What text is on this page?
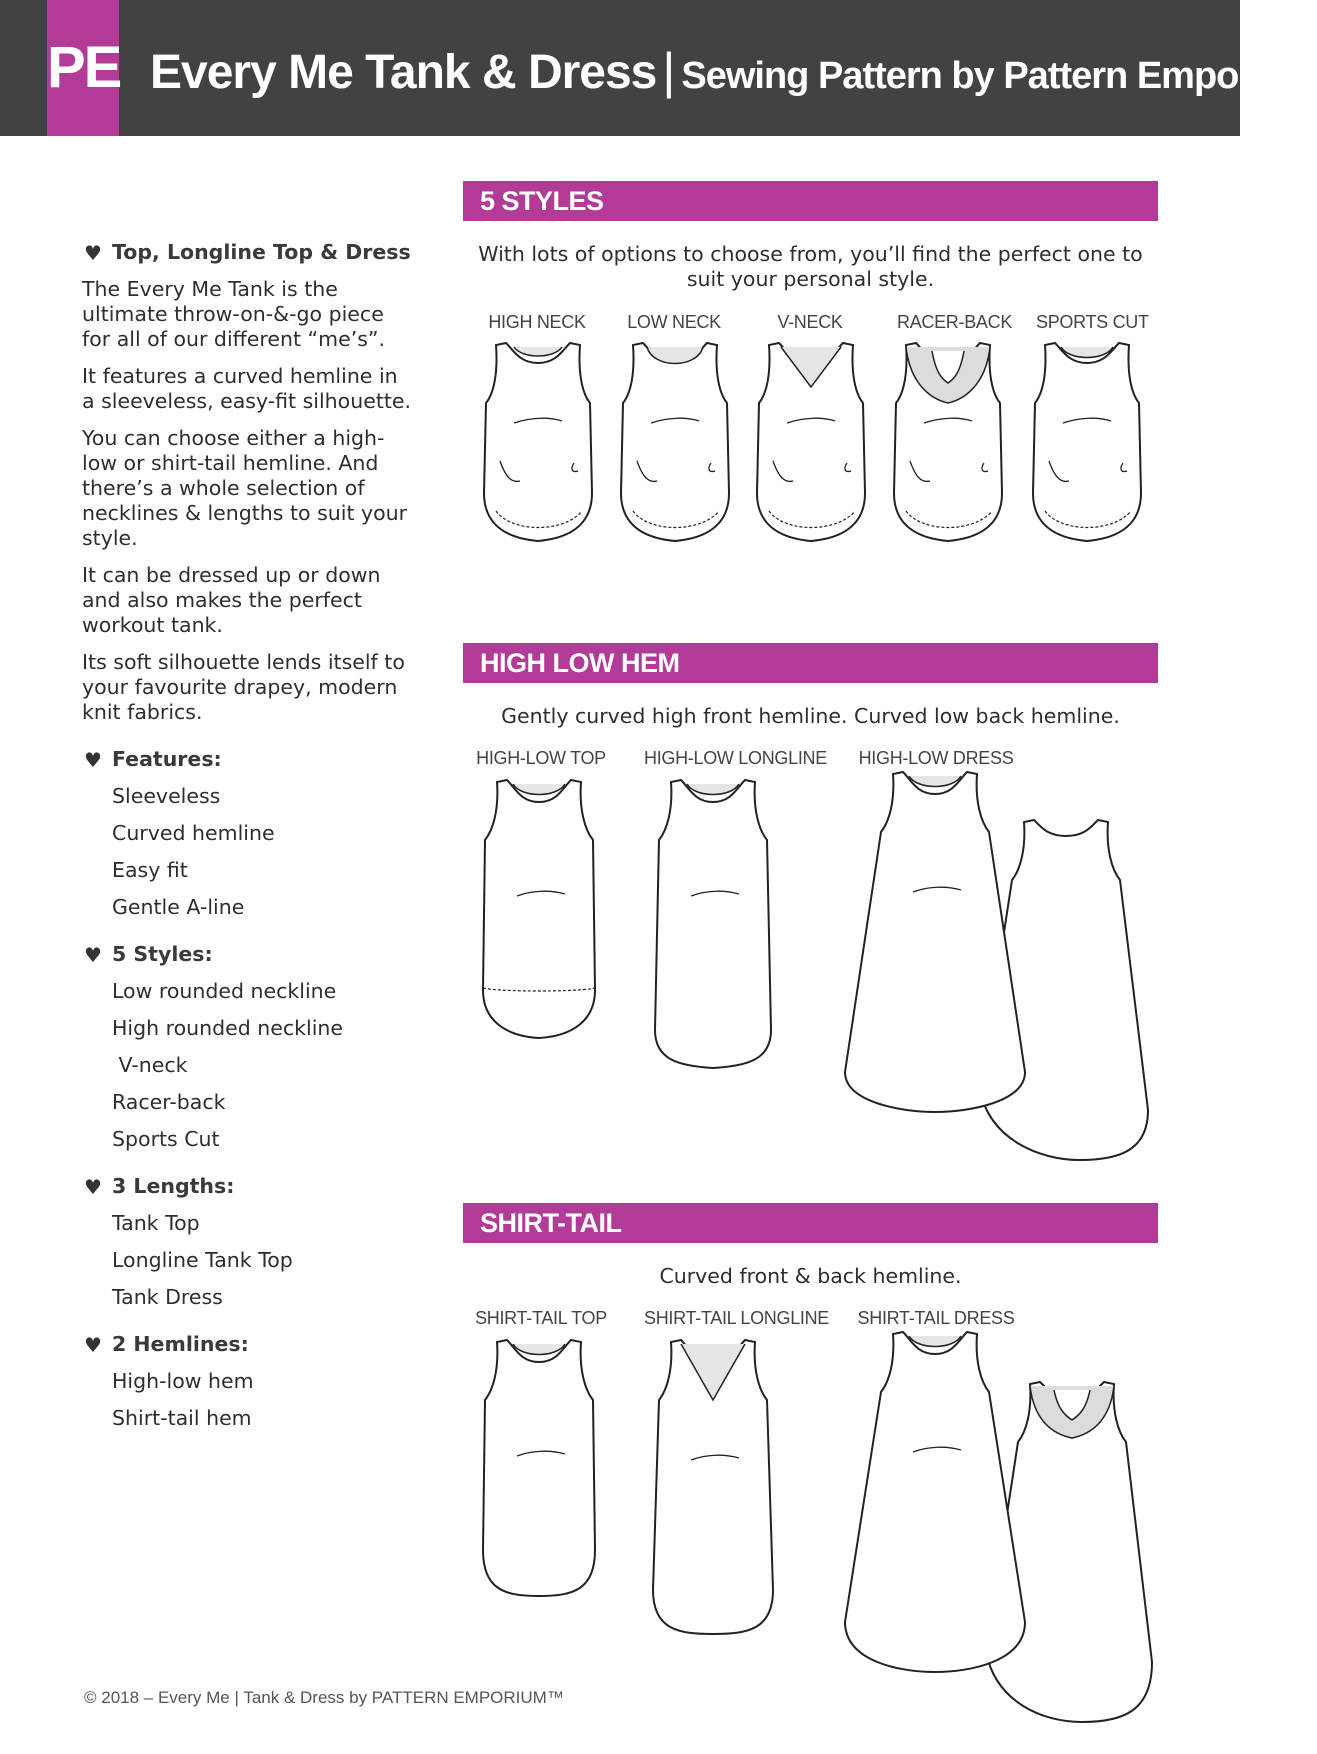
PE Every Me Tank & Dress | Sewing Pattern by Pattern Emporium
♥ Top, Longline Top & Dress

The Every Me Tank is the ultimate throw-on-&-go piece for all of our different “me’s”.

It features a curved hemline in a sleeveless, easy-fit silhouette.

You can choose either a high-low or shirt-tail hemline. And there’s a whole selection of necklines & lengths to suit your style.

It can be dressed up or down and also makes the perfect workout tank.

Its soft silhouette lends itself to your favourite drapey, modern knit fabrics.

♥ Features:
Sleeveless
Curved hemline
Easy fit
Gentle A-line
♥ 5 Styles:
Low rounded neckline
High rounded neckline
V-neck
Racer-back
Sports Cut
♥ 3 Lengths:
Tank Top
Longline Tank Top
Tank Dress
♥ 2 Hemlines:
High-low hem
Shirt-tail hem
5 STYLES
With lots of options to choose from, you’ll find the perfect one to suit your personal style.
HIGH NECK LOW NECK	V-NECK	RACER-BACK SPORTS CUT
HIGH LOW HEM
Gently curved high front hemline. Curved low back hemline.
HIGH-LOW TOP HIGH-LOW LONGLINE HIGH-LOW DRESS
SHIRT-TAIL
Curved front & back hemline.
SHIRT-TAIL TOP SHIRT-TAIL LONGLINE SHIRT-TAIL DRESS
© 2018 – Every Me | Tank & Dress by PATTERN EMPORIUM™
